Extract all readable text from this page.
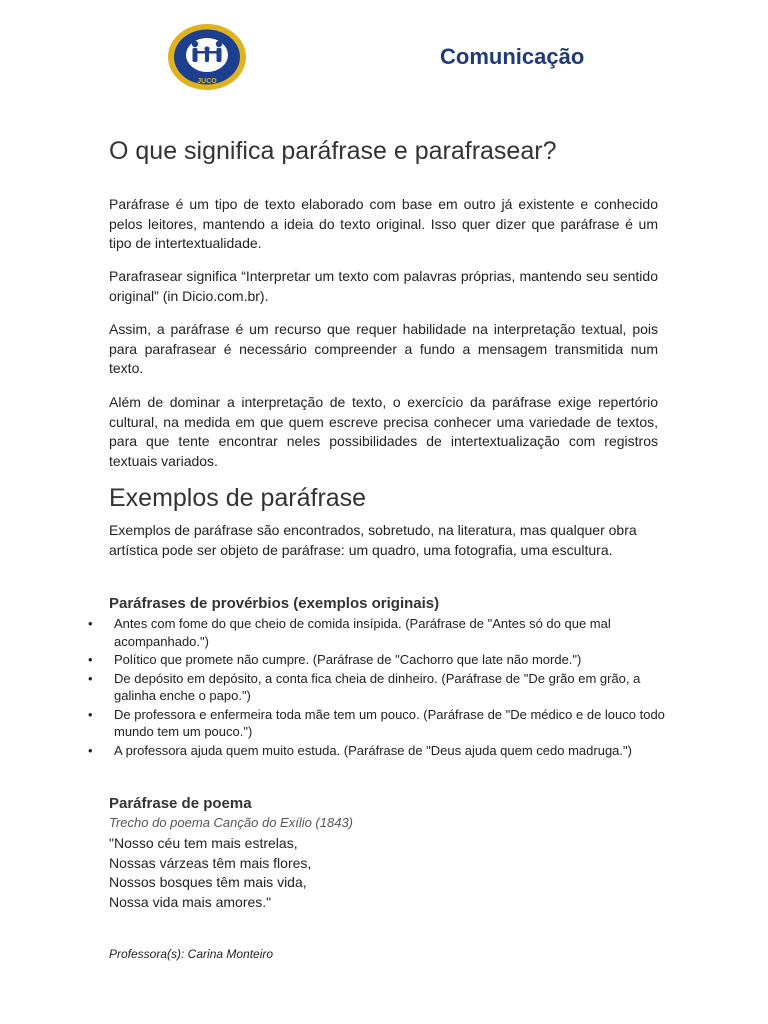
JUCO
Comunicação
O que significa paráfrase e parafrasear?

Paráfrase é um tipo de texto elaborado com base em outro já existente e conhecido pelos leitores, mantendo a ideia do texto original. Isso quer dizer que paráfrase é um tipo de intertextualidade.

Parafrasear significa “Interpretar um texto com palavras próprias, mantendo seu sentido original” (in Dicio.com.br).

Assim, a paráfrase é um recurso que requer habilidade na interpretação textual, pois para parafrasear é necessário compreender a fundo a mensagem transmitida num texto.

Além de dominar a interpretação de texto, o exercício da paráfrase exige repertório cultural, na medida em que quem escreve precisa conhecer uma variedade de textos, para que tente encontrar neles possibilidades de intertextualização com registros textuais variados.

Exemplos de paráfrase

Exemplos de paráfrase são encontrados, sobretudo, na literatura, mas qualquer obra artística pode ser objeto de paráfrase: um quadro, uma fotografia, uma escultura.

Paráfrases de provérbios (exemplos originais)
• Antes com fome do que cheio de comida insípida. (Paráfrase de "Antes só do que mal acompanhado.")
• Político que promete não cumpre. (Paráfrase de "Cachorro que late não morde.")
• De depósito em depósito, a conta fica cheia de dinheiro. (Paráfrase de "De grão em grão, a galinha enche o papo.")
• De professora e enfermeira toda mãe tem um pouco. (Paráfrase de "De médico e de louco todo mundo tem um pouco.")
• A professora ajuda quem muito estuda. (Paráfrase de "Deus ajuda quem cedo madruga.")
Paráfrase de poema
Trecho do poema Canção do Exílio (1843)
"Nosso céu tem mais estrelas,
Nossas várzeas têm mais flores,
Nossos bosques têm mais vida,
Nossa vida mais amores."
Professora(s): Carina Monteiro
